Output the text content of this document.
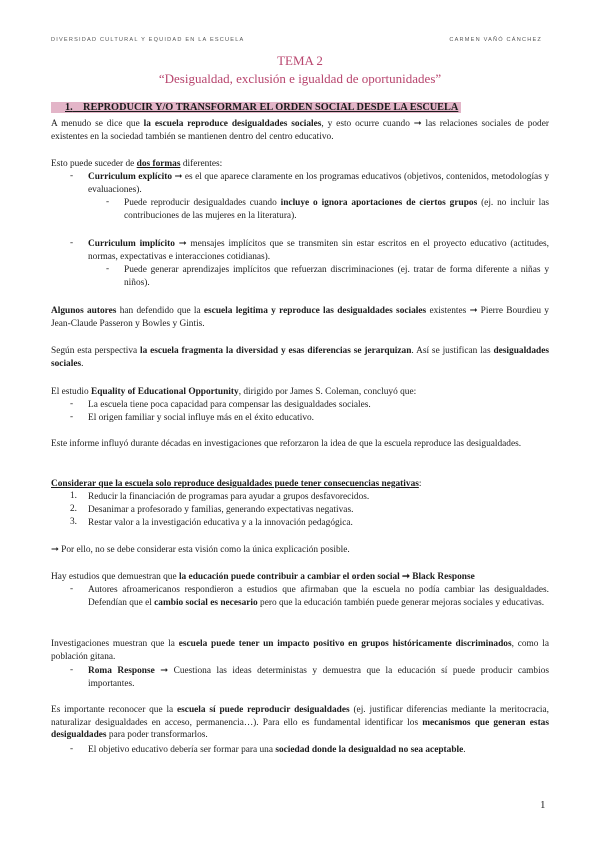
DIVERSIDAD CULTURAL Y EQUIDAD EN LA ESCUELA	CARMEN VAÑÓ CÁNCHEZ
TEMA 2
“Desigualdad, exclusión e igualdad de oportunidades”
1. REPRODUCIR Y/O TRANSFORMAR EL ORDEN SOCIAL DESDE LA ESCUELA
A menudo se dice que la escuela reproduce desigualdades sociales, y esto ocurre cuando ➞ las relaciones sociales de poder existentes en la sociedad también se mantienen dentro del centro educativo.
Esto puede suceder de dos formas diferentes:
- Curriculum explícito ➞ es el que aparece claramente en los programas educativos (objetivos, contenidos, metodologías y evaluaciones).
- Puede reproducir desigualdades cuando incluye o ignora aportaciones de ciertos grupos (ej. no incluir las contribuciones de las mujeres en la literatura).
- Curriculum implícito ➞ mensajes implícitos que se transmiten sin estar escritos en el proyecto educativo (actitudes, normas, expectativas e interacciones cotidianas).
- Puede generar aprendizajes implícitos que refuerzan discriminaciones (ej. tratar de forma diferente a niñas y niños).
Algunos autores han defendido que la escuela legitima y reproduce las desigualdades sociales existentes ➞ Pierre Bourdieu y Jean-Claude Passeron y Bowles y Gintis.
Según esta perspectiva la escuela fragmenta la diversidad y esas diferencias se jerarquizan. Así se justifican las desigualdades sociales.
El estudio Equality of Educational Opportunity, dirigido por James S. Coleman, concluyó que:
- La escuela tiene poca capacidad para compensar las desigualdades sociales.
- El origen familiar y social influye más en el éxito educativo.
Este informe influyó durante décadas en investigaciones que reforzaron la idea de que la escuela reproduce las desigualdades.
Considerar que la escuela solo reproduce desigualdades puede tener consecuencias negativas:
1. Reducir la financiación de programas para ayudar a grupos desfavorecidos.
2. Desanimar a profesorado y familias, generando expectativas negativas.
3. Restar valor a la investigación educativa y a la innovación pedagógica.
➞ Por ello, no se debe considerar esta visión como la única explicación posible.
Hay estudios que demuestran que la educación puede contribuir a cambiar el orden social ➞ Black Response
- Autores afroamericanos respondieron a estudios que afirmaban que la escuela no podía cambiar las desigualdades. Defendían que el cambio social es necesario pero que la educación también puede generar mejoras sociales y educativas.
Investigaciones muestran que la escuela puede tener un impacto positivo en grupos históricamente discriminados, como la población gitana.
- Roma Response ➞ Cuestiona las ideas deterministas y demuestra que la educación sí puede producir cambios importantes.
Es importante reconocer que la escuela sí puede reproducir desigualdades (ej. justificar diferencias mediante la meritocracia, naturalizar desigualdades en acceso, permanencia…). Para ello es fundamental identificar los mecanismos que generan estas desigualdades para poder transformarlos.
- El objetivo educativo debería ser formar para una sociedad donde la desigualdad no sea aceptable.
1
